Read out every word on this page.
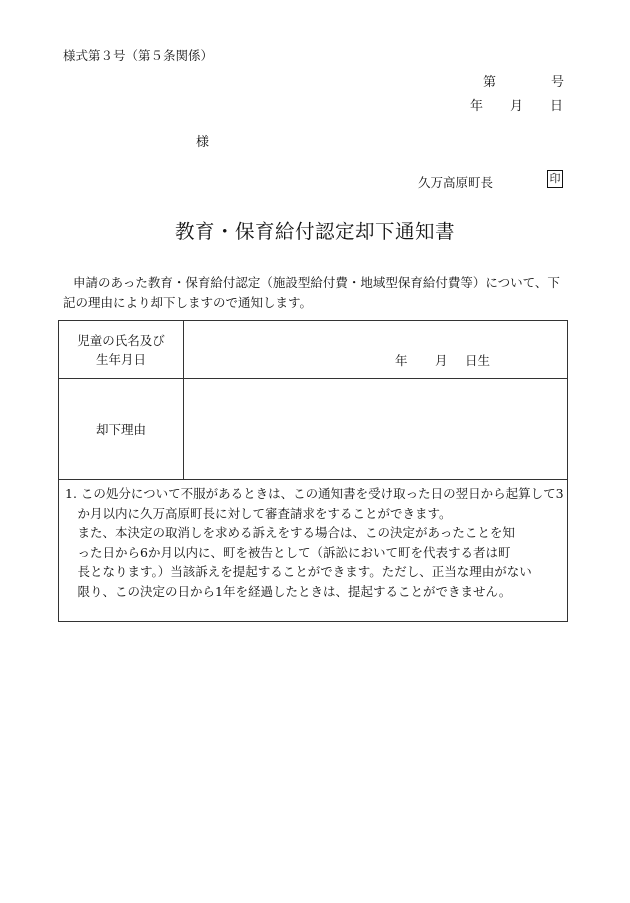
様式第３号（第５条関係）
第	号
年 月 日
様
久万高原町長	印
教育・保育給付認定却下通知書

申請のあった教育・保育給付認定（施設型給付費・地域型保育給付費等）について、下

記の理由により却下しますので通知します。

児童の氏名及び
生年月日	年 月 日生
却下理由

1. この処分について不服があるときは、この通知書を受け取った日の翌日から起算して3

　か月以内に久万高原町長に対して審査請求をすることができます。

　また、本決定の取消しを求める訴えをする場合は、この決定があったことを知

　った日から6か月以内に、町を被告として（訴訟において町を代表する者は町

　長となります。）当該訴えを提起することができます。ただし、正当な理由がない

　限り、この決定の日から1年を経過したときは、提起することができません。
